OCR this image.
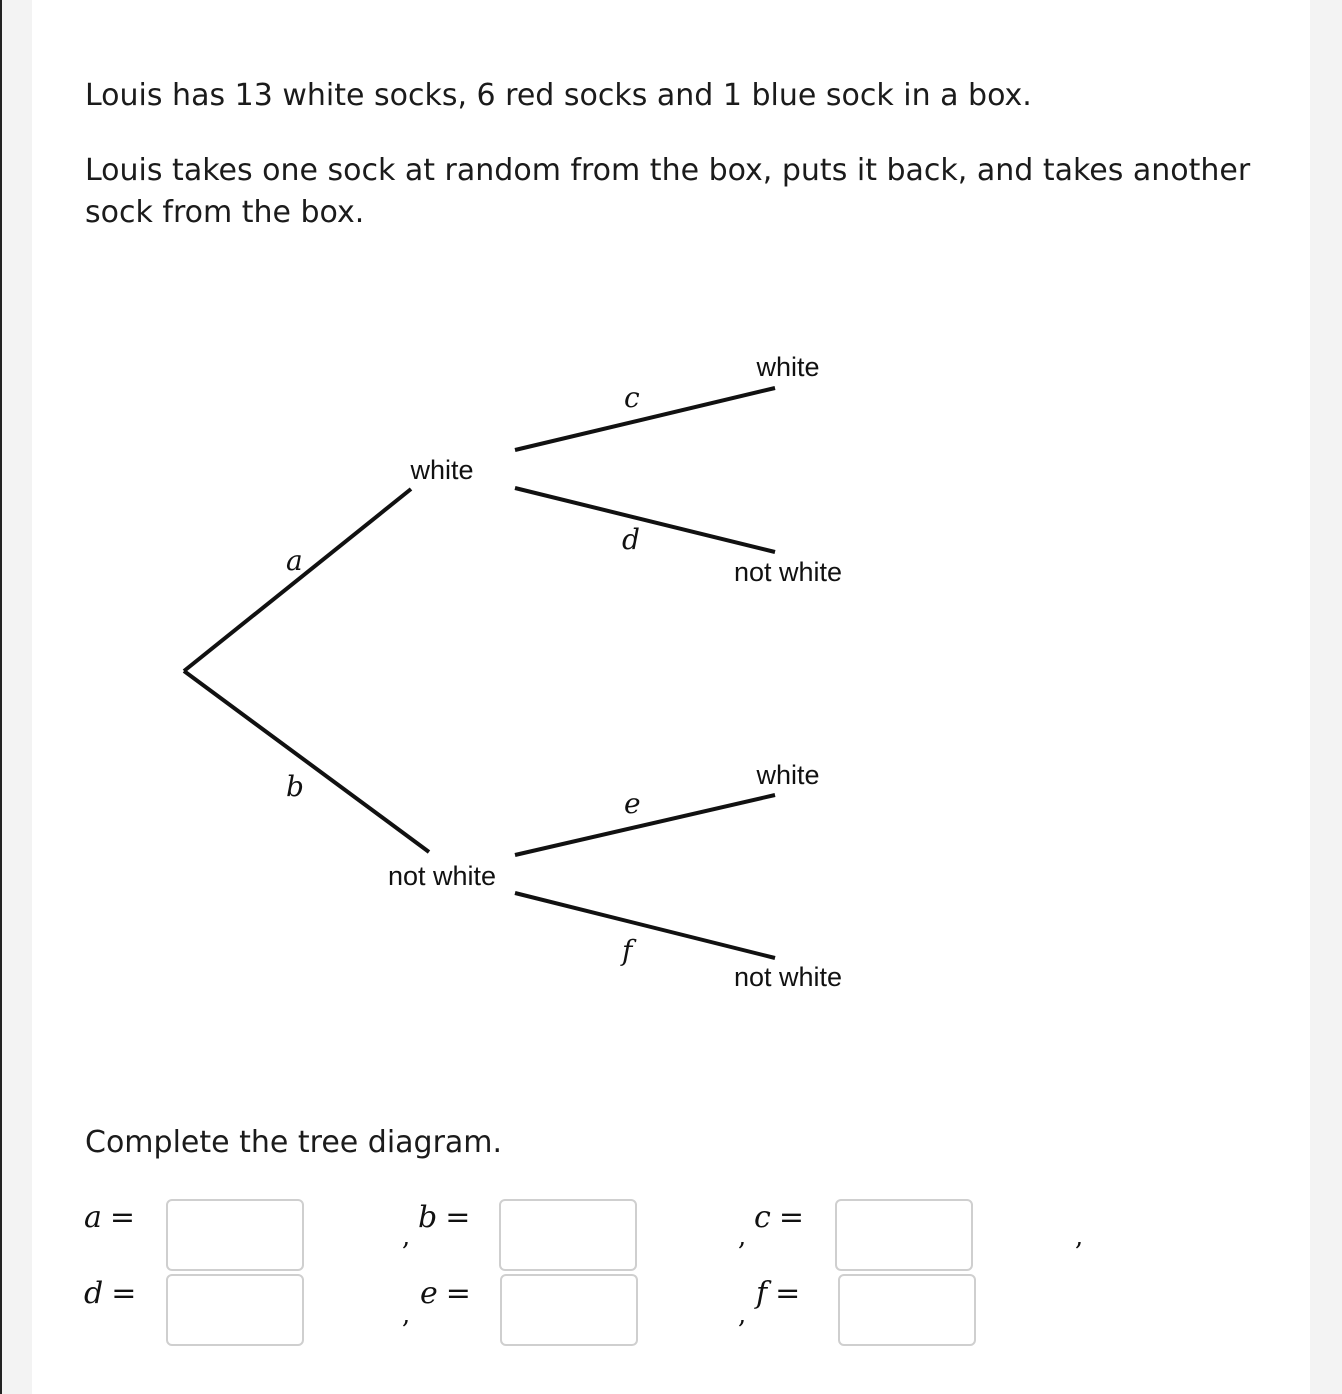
Louis has 13 white socks, 6 red socks and 1 blue sock in a box.
Louis takes one sock at random from the box, puts it back, and takes another
sock from the box.
white
not white
white
not white
white
not white
a
b
c
d
e
f
Complete the tree diagram.
a =
,
b =
,
c =
,
d =
,
e =
,
f =
